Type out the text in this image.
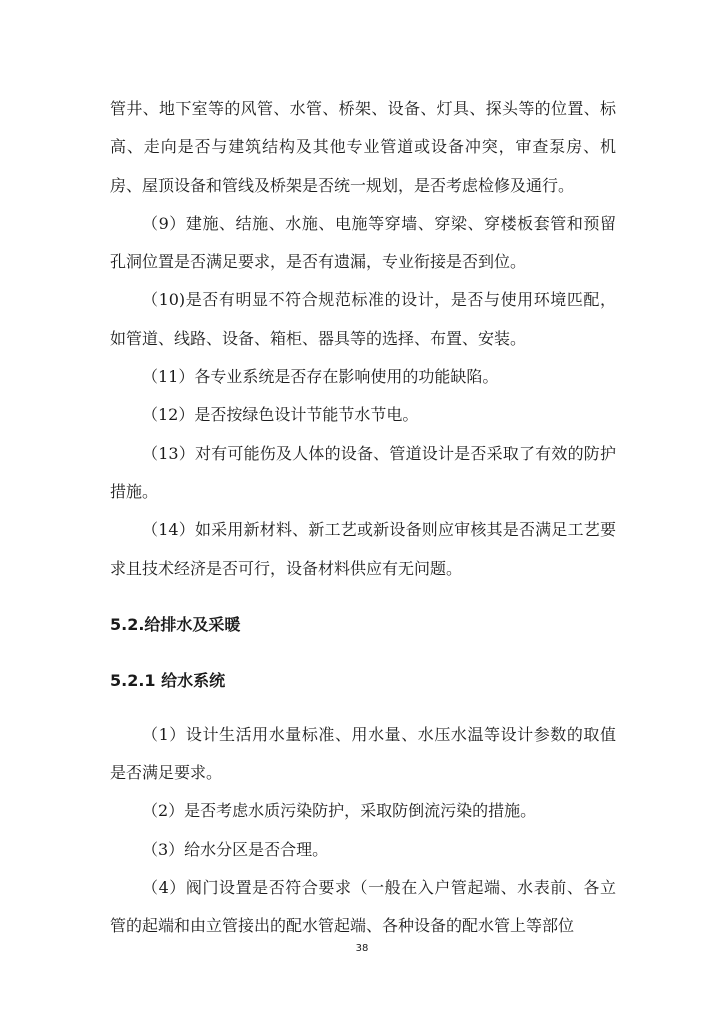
管井、地下室等的风管、水管、桥架、设备、灯具、探头等的位置、标高、走向是否与建筑结构及其他专业管道或设备冲突，审查泵房、机房、屋顶设备和管线及桥架是否统一规划，是否考虑检修及通行。

（9）建施、结施、水施、电施等穿墙、穿梁、穿楼板套管和预留孔洞位置是否满足要求，是否有遗漏，专业衔接是否到位。

（10)是否有明显不符合规范标准的设计，是否与使用环境匹配，如管道、线路、设备、箱柜、器具等的选择、布置、安装。

（11）各专业系统是否存在影响使用的功能缺陷。

（12）是否按绿色设计节能节水节电。

（13）对有可能伤及人体的设备、管道设计是否采取了有效的防护措施。

（14）如采用新材料、新工艺或新设备则应审核其是否满足工艺要求且技术经济是否可行，设备材料供应有无问题。

5.2.给排水及采暖
5.2.1 给水系统

（1）设计生活用水量标准、用水量、水压水温等设计参数的取值是否满足要求。

（2）是否考虑水质污染防护，采取防倒流污染的措施。

（3）给水分区是否合理。

（4）阀门设置是否符合要求（一般在入户管起端、水表前、各立管的起端和由立管接出的配水管起端、各种设备的配水管上等部位

38
